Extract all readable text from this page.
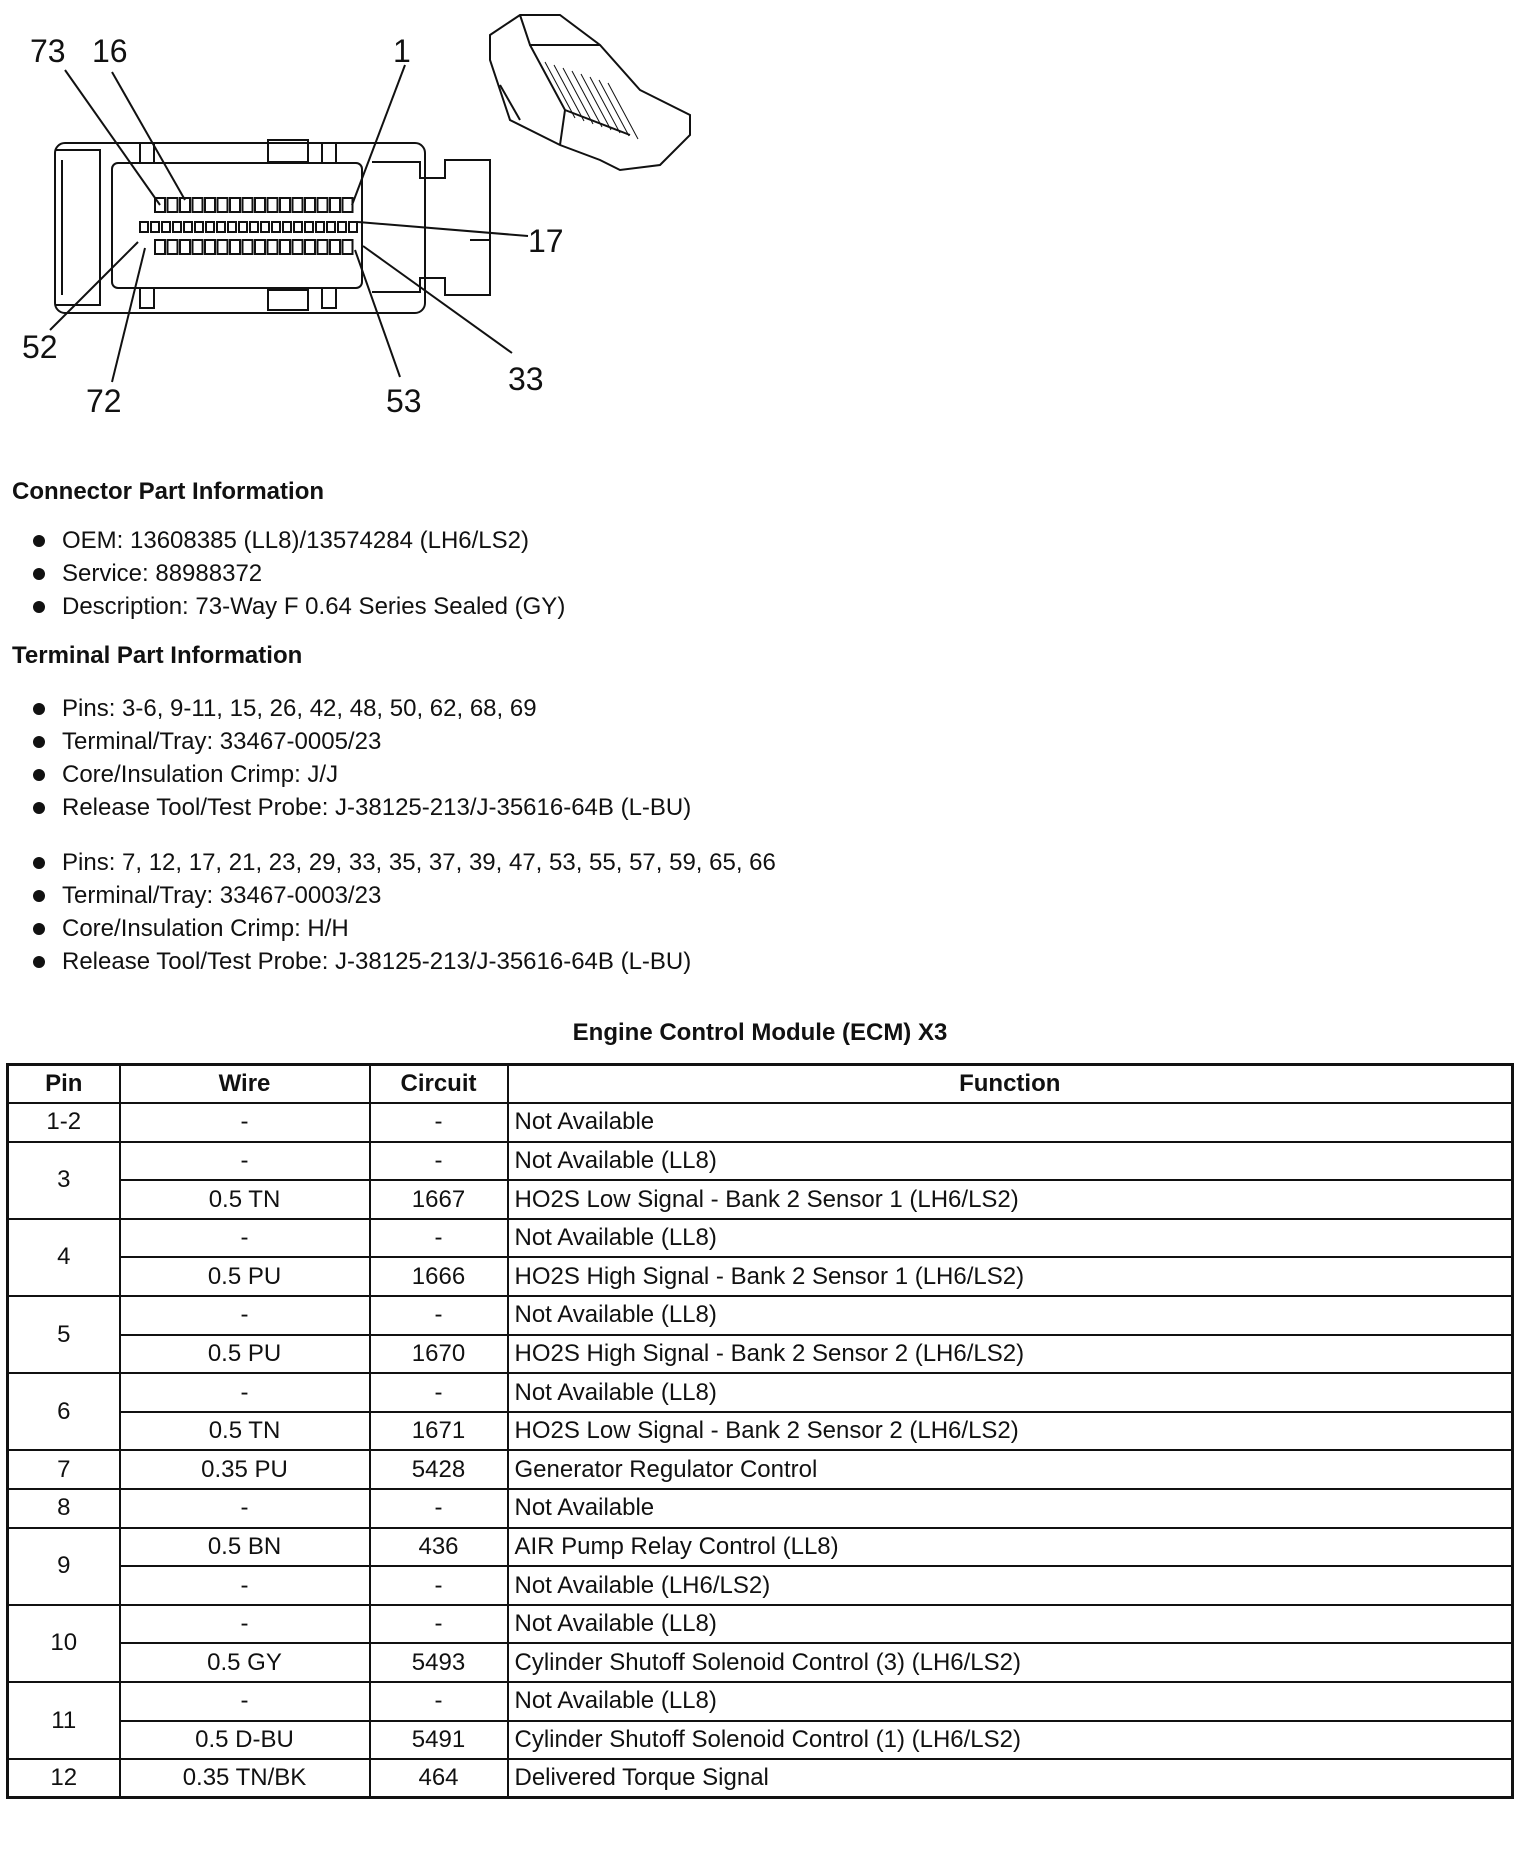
73 16	1
17
52
72	53
33
Connector Part Information
OEM: 13608385 (LL8)/13574284 (LH6/LS2)
Service: 88988372
Description: 73-Way F 0.64 Series Sealed (GY)
Terminal Part Information
Pins: 3-6, 9-11, 15, 26, 42, 48, 50, 62, 68, 69
Terminal/Tray: 33467-0005/23
Core/Insulation Crimp: J/J
Release Tool/Test Probe: J-38125-213/J-35616-64B (L-BU)
Pins: 7, 12, 17, 21, 23, 29, 33, 35, 37, 39, 47, 53, 55, 57, 59, 65, 66
Terminal/Tray: 33467-0003/23
Core/Insulation Crimp: H/H
Release Tool/Test Probe: J-38125-213/J-35616-64B (L-BU)
Engine Control Module (ECM) X3
Pin	Wire	Circuit	Function
1-2	-	-	Not Available
3	-	-	Not Available (LL8)
	0.5 TN	1667	HO2S Low Signal - Bank 2 Sensor 1 (LH6/LS2)
4	-	-	Not Available (LL8)
	0.5 PU	1666	HO2S High Signal - Bank 2 Sensor 1 (LH6/LS2)
5	-	-	Not Available (LL8)
	0.5 PU	1670	HO2S High Signal - Bank 2 Sensor 2 (LH6/LS2)
6	-	-	Not Available (LL8)
	0.5 TN	1671	HO2S Low Signal - Bank 2 Sensor 2 (LH6/LS2)
7	0.35 PU	5428	Generator Regulator Control
8	-	-	Not Available
9	0.5 BN	436	AIR Pump Relay Control (LL8)
	-	-	Not Available (LH6/LS2)
10	-	-	Not Available (LL8)
	0.5 GY	5493	Cylinder Shutoff Solenoid Control (3) (LH6/LS2)
11	-	-	Not Available (LL8)
	0.5 D-BU	5491	Cylinder Shutoff Solenoid Control (1) (LH6/LS2)
12	0.35 TN/BK	464	Delivered Torque Signal
